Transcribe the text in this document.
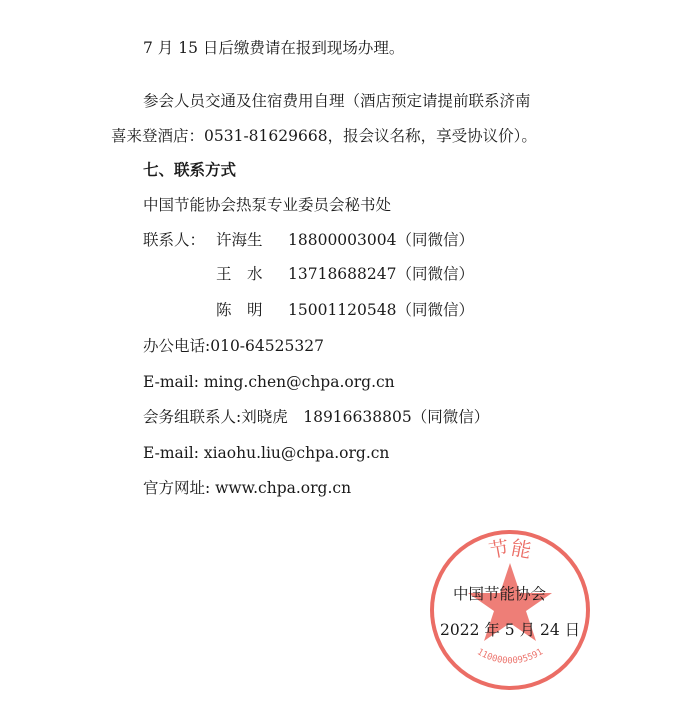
7 月 15 日后缴费请在报到现场办理。
参会人员交通及住宿费用自理（酒店预定请提前联系济南
喜来登酒店：0531-81629668，报会议名称，享受协议价）。
七、联系方式
中国节能协会热泵专业委员会秘书处
联系人： 许海生 18800003004（同微信）
王　水 13718688247（同微信）
陈　明 15001120548（同微信）
办公电话:010-64525327
E-mail: ming.chen@chpa.org.cn
会务组联系人:刘晓虎　18916638805（同微信）
E-mail: xiaohu.liu@chpa.org.cn
官方网址: www.chpa.org.cn
节能
1100000095591
中国节能协会
2022 年 5 月 24 日
